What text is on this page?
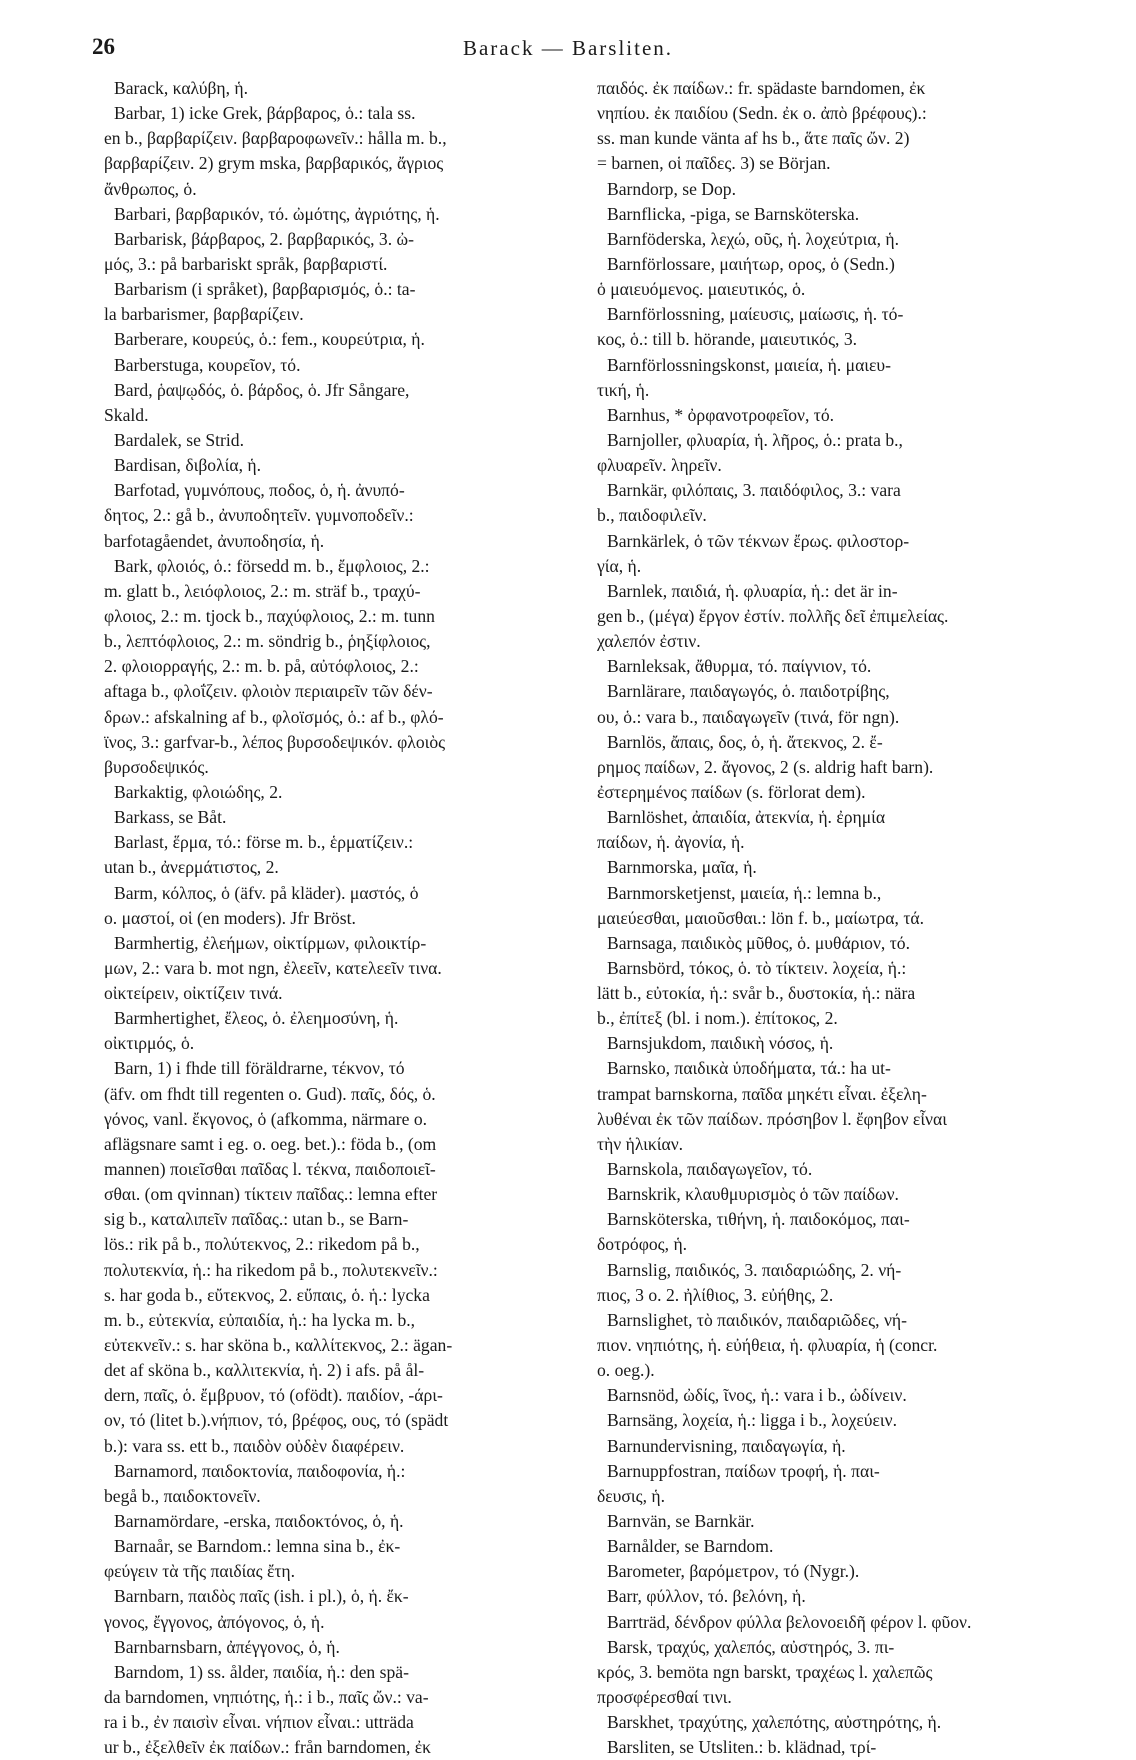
26	Barack — Barsliten.
Barack, καλύβη, ἡ.
Barbar, 1) icke Grek, βάρβαρος, ὁ.: tala ss.
en b., βαρβαρίζειν. βαρβαροφωνεῖν.: hålla m. b.,
βαρβαρίζειν. 2) grym mska, βαρβαρικός, ἄγριος
ἄνθρωπος, ὁ.
Barbari, βαρβαρικόν, τό. ὠμότης, ἀγριότης, ἡ.
Barbarisk, βάρβαρος, 2. βαρβαρικός, 3. ὠ-
μός, 3.: på barbariskt språk, βαρβαριστί.
Barbarism (i språket), βαρβαρισμός, ὁ.: ta-
la barbarismer, βαρβαρίζειν.
Barberare, κουρεύς, ὁ.: fem., κουρεύτρια, ἡ.
Barberstuga, κουρεῖον, τό.
Bard, ῥαψῳδός, ὁ. βάρδος, ὁ. Jfr Sångare,
Skald.
Bardalek, se Strid.
Bardisan, διβολία, ἡ.
Barfotad, γυμνόπους, ποδος, ὁ, ἡ. ἀνυπό-
δητος, 2.: gå b., ἀνυποδητεῖν. γυμνοποδεῖν.:
barfotagåendet, ἀνυποδησία, ἡ.
Bark, φλοιός, ὁ.: försedd m. b., ἔμφλοιος, 2.:
m. glatt b., λειόφλοιος, 2.: m. sträf b., τραχύ-
φλοιος, 2.: m. tjock b., παχύφλοιος, 2.: m. tunn
b., λεπτόφλοιος, 2.: m. söndrig b., ῥηξίφλοιος,
2. φλοιορραγής, 2.: m. b. på, αὐτόφλοιος, 2.:
aftaga b., φλοΐζειν. φλοιὸν περιαιρεῖν τῶν δέν-
δρων.: afskalning af b., φλοϊσμός, ὁ.: af b., φλό-
ϊνος, 3.: garfvar-b., λέπος βυρσοδεψικόν. φλοιὸς
βυρσοδεψικός.
Barkaktig, φλοιώδης, 2.
Barkass, se Båt.
Barlast, ἕρμα, τό.: förse m. b., ἑρματίζειν.:
utan b., ἀνερμάτιστος, 2.
Barm, κόλπος, ὁ (äfv. på kläder). μαστός, ὁ
o. μαστοί, οἱ (en moders). Jfr Bröst.
Barmhertig, ἐλεήμων, οἰκτίρμων, φιλοικτίρ-
μων, 2.: vara b. mot ngn, ἐλεεῖν, κατελεεῖν τινα.
οἰκτείρειν, οἰκτίζειν τινά.
Barmhertighet, ἔλεος, ὁ. ἐλεημοσύνη, ἡ.
οἰκτιρμός, ὁ.
Barn, 1) i fhde till föräldrarne, τέκνον, τό
(äfv. om fhdt till regenten o. Gud). παῖς, δός, ὁ.
γόνος, vanl. ἔκγονος, ὁ (afkomma, närmare o.
aflägsnare samt i eg. o. oeg. bet.).: föda b., (om
mannen) ποιεῖσθαι παῖδας l. τέκνα, παιδοποιεῖ-
σθαι. (om qvinnan) τίκτειν παῖδας.: lemna efter
sig b., καταλιπεῖν παῖδας.: utan b., se Barn-
lös.: rik på b., πολύτεκνος, 2.: rikedom på b.,
πολυτεκνία, ἡ.: ha rikedom på b., πολυτεκνεῖν.:
s. har goda b., εὔτεκνος, 2. εὔπαις, ὁ. ἡ.: lycka
m. b., εὐτεκνία, εὐπαιδία, ἡ.: ha lycka m. b.,
εὐτεκνεῖν.: s. har sköna b., καλλίτεκνος, 2.: ägan-
det af sköna b., καλλιτεκνία, ἡ. 2) i afs. på ål-
dern, παῖς, ὁ. ἔμβρυον, τό (ofödt). παιδίον, -άρι-
ον, τό (litet b.).νήπιον, τό, βρέφος, ους, τό (spädt
b.): vara ss. ett b., παιδὸν οὐδὲν διαφέρειν.
Barnamord, παιδοκτονία, παιδοφονία, ἡ.:
begå b., παιδοκτονεῖν.
Barnamördare, -erska, παιδοκτόνος, ὁ, ἡ.
Barnaår, se Barndom.: lemna sina b., ἐκ-
φεύγειν τὰ τῆς παιδίας ἔτη.
Barnbarn, παιδὸς παῖς (ish. i pl.), ὁ, ἡ. ἔκ-
γονος, ἔγγονος, ἀπόγονος, ὁ, ἡ.
Barnbarnsbarn, ἀπέγγονος, ὁ, ἡ.
Barndom, 1) ss. ålder, παιδία, ἡ.: den spä-
da barndomen, νηπιότης, ἡ.: i b., παῖς ὤν.: va-
ra i b., ἐν παισὶν εἶναι. νήπιον εἶναι.: utträda
ur b., ἐξελθεῖν ἐκ παίδων.: från barndomen, ἐκ
παιδός. ἐκ παίδων.: fr. spädaste barndomen, ἐκ
νηπίου. ἐκ παιδίου (Sedn. ἐκ o. ἀπὸ βρέφους).:
ss. man kunde vänta af hs b., ἅτε παῖς ὤν. 2)
= barnen, οἱ παῖδες. 3) se Början.
Barndorp, se Dop.
Barnflicka, -piga, se Barnsköterska.
Barnföderska, λεχώ, οῦς, ἡ. λοχεύτρια, ἡ.
Barnförlossare, μαιήτωρ, ορος, ὁ (Sedn.)
ὁ μαιευόμενος. μαιευτικός, ὁ.
Barnförlossning, μαίευσις, μαίωσις, ἡ. τό-
κος, ὁ.: till b. hörande, μαιευτικός, 3.
Barnförlossningskonst, μαιεία, ἡ. μαιευ-
τική, ἡ.
Barnhus, * ὀρφανοτροφεῖον, τό.
Barnjoller, φλυαρία, ἡ. λῆρος, ὁ.: prata b.,
φλυαρεῖν. ληρεῖν.
Barnkär, φιλόπαις, 3. παιδόφιλος, 3.: vara
b., παιδοφιλεῖν.
Barnkärlek, ὁ τῶν τέκνων ἔρως. φιλοστορ-
γία, ἡ.
Barnlek, παιδιά, ἡ. φλυαρία, ἡ.: det är in-
gen b., (μέγα) ἔργον ἐστίν. πολλῆς δεῖ ἐπιμελείας.
χαλεπόν ἐστιν.
Barnleksak, ἄθυρμα, τό. παίγνιον, τό.
Barnlärare, παιδαγωγός, ὁ. παιδοτρίβης,
ου, ὁ.: vara b., παιδαγωγεῖν (τινά, för ngn).
Barnlös, ἄπαις, δος, ὁ, ἡ. ἄτεκνος, 2. ἔ-
ρημος παίδων, 2. ἄγονος, 2 (s. aldrig haft barn).
ἐστερημένος παίδων (s. förlorat dem).
Barnlöshet, ἀπαιδία, ἀτεκνία, ἡ. ἐρημία
παίδων, ἡ. ἀγονία, ἡ.
Barnmorska, μαῖα, ἡ.
Barnmorsketjenst, μαιεία, ἡ.: lemna b.,
μαιεύεσθαι, μαιοῦσθαι.: lön f. b., μαίωτρα, τά.
Barnsaga, παιδικὸς μῦθος, ὁ. μυθάριον, τό.
Barnsbörd, τόκος, ὁ. τὸ τίκτειν. λοχεία, ἡ.:
lätt b., εὐτοκία, ἡ.: svår b., δυστοκία, ἡ.: nära
b., ἐπίτεξ (bl. i nom.). ἐπίτοκος, 2.
Barnsjukdom, παιδικὴ νόσος, ἡ.
Barnsko, παιδικὰ ὑποδήματα, τά.: ha ut-
trampat barnskorna, παῖδα μηκέτι εἶναι. ἐξελη-
λυθέναι ἐκ τῶν παίδων. πρόσηβον l. ἔφηβον εἶναι
τὴν ἡλικίαν.
Barnskola, παιδαγωγεῖον, τό.
Barnskrik, κλαυθμυρισμὸς ὁ τῶν παίδων.
Barnsköterska, τιθήνη, ἡ. παιδοκόμος, παι-
δοτρόφος, ἡ.
Barnslig, παιδικός, 3. παιδαριώδης, 2. νή-
πιος, 3 o. 2. ἠλίθιος, 3. εὐήθης, 2.
Barnslighet, τὸ παιδικόν, παιδαριῶδες, νή-
πιον. νηπιότης, ἡ. εὐήθεια, ἡ. φλυαρία, ἡ (concr.
o. oeg.).
Barnsnöd, ὠδίς, ῖνος, ἡ.: vara i b., ὠδίνειν.
Barnsäng, λοχεία, ἡ.: ligga i b., λοχεύειν.
Barnundervisning, παιδαγωγία, ἡ.
Barnuppfostran, παίδων τροφή, ἡ. παι-
δευσις, ἡ.
Barnvän, se Barnkär.
Barnålder, se Barndom.
Barometer, βαρόμετρον, τό (Nygr.).
Barr, φύλλον, τό. βελόνη, ἡ.
Barrträd, δένδρον φύλλα βελονοειδῆ φέρον l. φῦον.
Barsk, τραχύς, χαλεπός, αὐστηρός, 3. πι-
κρός, 3. bemöta ngn barskt, τραχέως l. χαλεπῶς
προσφέρεσθαί τινι.
Barskhet, τραχύτης, χαλεπότης, αὐστηρότης, ἡ.
Barsliten, se Utsliten.: b. klädnad, τρί-
